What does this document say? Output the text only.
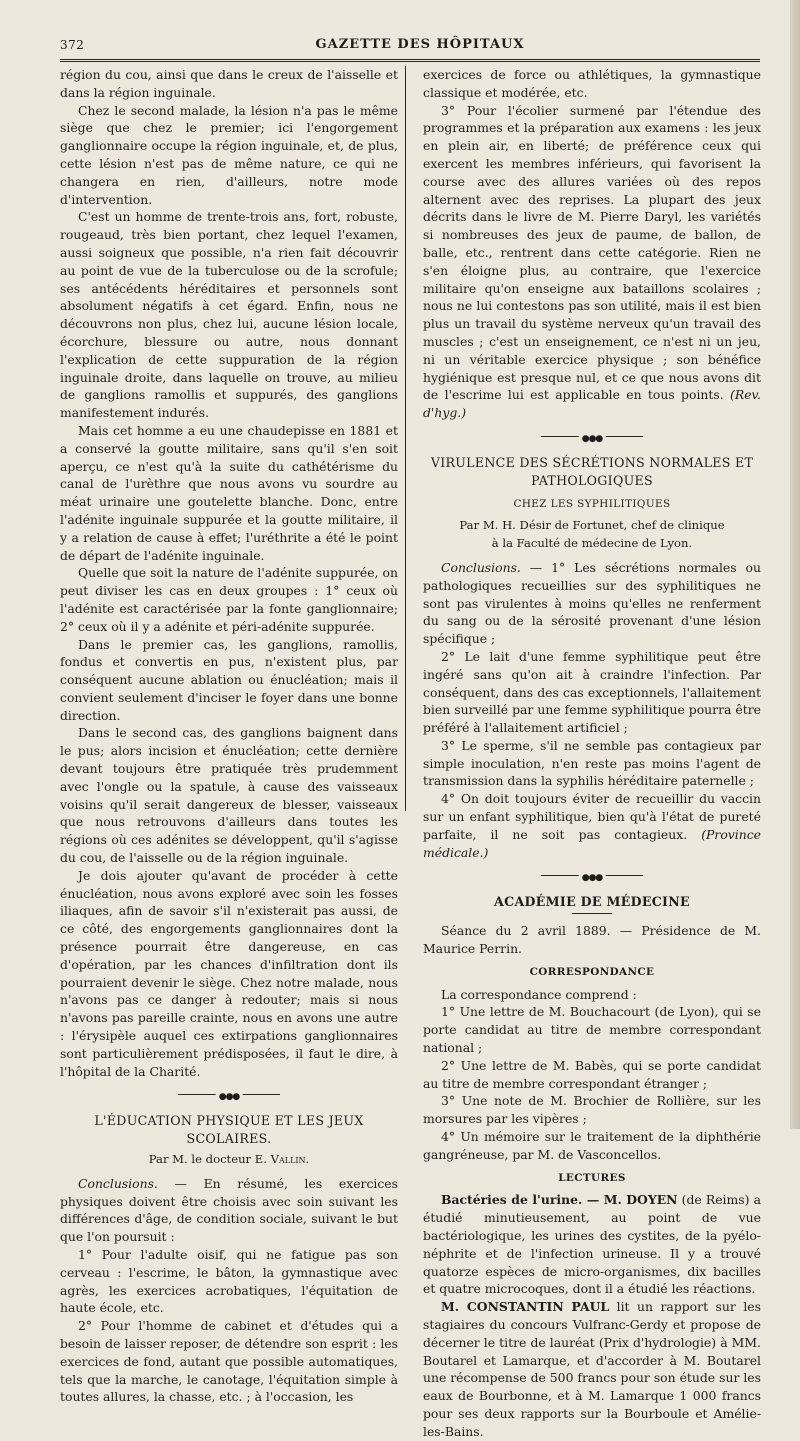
372	GAZETTE DES HÔPITAUX

région du cou, ainsi que dans le creux de l'aisselle et dans la région inguinale.

Chez le second malade, la lésion n'a pas le même siège que chez le premier; ici l'engorgement ganglionnaire occupe la région inguinale, et, de plus, cette lésion n'est pas de même nature, ce qui ne changera en rien, d'ailleurs, notre mode d'intervention.

C'est un homme de trente-trois ans, fort, robuste, rougeaud, très bien portant, chez lequel l'examen, aussi soigneux que possible, n'a rien fait découvrir au point de vue de la tuberculose ou de la scrofule; ses antécédents héréditaires et personnels sont absolument négatifs à cet égard. Enfin, nous ne découvrons non plus, chez lui, aucune lésion locale, écorchure, blessure ou autre, nous donnant l'explication de cette suppuration de la région inguinale droite, dans laquelle on trouve, au milieu de ganglions ramollis et suppurés, des ganglions manifestement indurés.

Mais cet homme a eu une chaudepisse en 1881 et a conservé la goutte militaire, sans qu'il s'en soit aperçu, ce n'est qu'à la suite du cathétérisme du canal de l'urèthre que nous avons vu sourdre au méat urinaire une goutelette blanche. Donc, entre l'adénite inguinale suppurée et la goutte militaire, il y a relation de cause à effet; l'uréthrite a été le point de départ de l'adénite inguinale.

Quelle que soit la nature de l'adénite suppurée, on peut diviser les cas en deux groupes : 1° ceux où l'adénite est caractérisée par la fonte ganglionnaire; 2° ceux où il y a adénite et péri-adénite suppurée.

Dans le premier cas, les ganglions, ramollis, fondus et convertis en pus, n'existent plus, par conséquent aucune ablation ou énucléation; mais il convient seulement d'inciser le foyer dans une bonne direction.

Dans le second cas, des ganglions baignent dans le pus; alors incision et énucléation; cette dernière devant toujours être pratiquée très prudemment avec l'ongle ou la spatule, à cause des vaisseaux voisins qu'il serait dangereux de blesser, vaisseaux que nous retrouvons d'ailleurs dans toutes les régions où ces adénites se développent, qu'il s'agisse du cou, de l'aisselle ou de la région inguinale.

Je dois ajouter qu'avant de procéder à cette énucléation, nous avons exploré avec soin les fosses iliaques, afin de savoir s'il n'existerait pas aussi, de ce côté, des engorgements ganglionnaires dont la présence pourrait être dangereuse, en cas d'opération, par les chances d'infiltration dont ils pourraient devenir le siège. Chez notre malade, nous n'avons pas ce danger à redouter; mais si nous n'avons pas pareille crainte, nous en avons une autre : l'érysipèle auquel ces extirpations ganglionnaires sont particulièrement prédisposées, il faut le dire, à l'hôpital de la Charité.

●●●

L'ÉDUCATION PHYSIQUE ET LES JEUX SCOLAIRES.

Par M. le docteur E. Vallin.

Conclusions. — En résumé, les exercices physiques doivent être choisis avec soin suivant les différences d'âge, de condition sociale, suivant le but que l'on poursuit :

1° Pour l'adulte oisif, qui ne fatigue pas son cerveau : l'escrime, le bâton, la gymnastique avec agrès, les exercices acrobatiques, l'équitation de haute école, etc.

2° Pour l'homme de cabinet et d'études qui a besoin de laisser reposer, de détendre son esprit : les exercices de fond, autant que possible automatiques, tels que la marche, le canotage, l'équitation simple à toutes allures, la chasse, etc. ; à l'occasion, les

exercices de force ou athlétiques, la gymnastique classique et modérée, etc.

3° Pour l'écolier surmené par l'étendue des programmes et la préparation aux examens : les jeux en plein air, en liberté; de préférence ceux qui exercent les membres inférieurs, qui favorisent la course avec des allures variées où des repos alternent avec des reprises. La plupart des jeux décrits dans le livre de M. Pierre Daryl, les variétés si nombreuses des jeux de paume, de ballon, de balle, etc., rentrent dans cette catégorie. Rien ne s'en éloigne plus, au contraire, que l'exercice militaire qu'on enseigne aux bataillons scolaires ; nous ne lui contestons pas son utilité, mais il est bien plus un travail du système nerveux qu'un travail des muscles ; c'est un enseignement, ce n'est ni un jeu, ni un véritable exercice physique ; son bénéfice hygiénique est presque nul, et ce que nous avons dit de l'escrime lui est applicable en tous points. (Rev. d'hyg.)

●●●

VIRULENCE DES SÉCRÉTIONS NORMALES ET PATHOLOGIQUES

CHEZ LES SYPHILITIQUES

Par M. H. Désir de Fortunet, chef de clinique

à la Faculté de médecine de Lyon.

Conclusions. — 1° Les sécrétions normales ou pathologiques recueillies sur des syphilitiques ne sont pas virulentes à moins qu'elles ne renferment du sang ou de la sérosité provenant d'une lésion spécifique ;

2° Le lait d'une femme syphilitique peut être ingéré sans qu'on ait à craindre l'infection. Par conséquent, dans des cas exceptionnels, l'allaitement bien surveillé par une femme syphilitique pourra être préféré à l'allaitement artificiel ;

3° Le sperme, s'il ne semble pas contagieux par simple inoculation, n'en reste pas moins l'agent de transmission dans la syphilis héréditaire paternelle ;

4° On doit toujours éviter de recueillir du vaccin sur un enfant syphilitique, bien qu'à l'état de pureté parfaite, il ne soit pas contagieux. (Province médicale.)

●●●

ACADÉMIE DE MÉDECINE

Séance du 2 avril 1889. — Présidence de M. Maurice Perrin.

CORRESPONDANCE

La correspondance comprend :

1° Une lettre de M. Bouchacourt (de Lyon), qui se porte candidat au titre de membre correspondant national ;

2° Une lettre de M. Babès, qui se porte candidat au titre de membre correspondant étranger ;

3° Une note de M. Brochier de Rollière, sur les morsures par les vipères ;

4° Un mémoire sur le traitement de la diphthérie gangréneuse, par M. de Vasconcellos.

LECTURES

Bactéries de l'urine. — M. DOYEN (de Reims) a étudié minutieusement, au point de vue bactériologique, les urines des cystites, de la pyélo-néphrite et de l'infection urineuse. Il y a trouvé quatorze espèces de micro-organismes, dix bacilles et quatre microcoques, dont il a étudié les réactions.

M. CONSTANTIN PAUL lit un rapport sur les stagiaires du concours Vulfranc-Gerdy et propose de décerner le titre de lauréat (Prix d'hydrologie) à MM. Boutarel et Lamarque, et d'accorder à M. Boutarel une récompense de 500 francs pour son étude sur les eaux de Bourbonne, et à M. Lamarque 1 000 francs pour ses deux rapports sur la Bourboule et Amélie-les-Bains.
